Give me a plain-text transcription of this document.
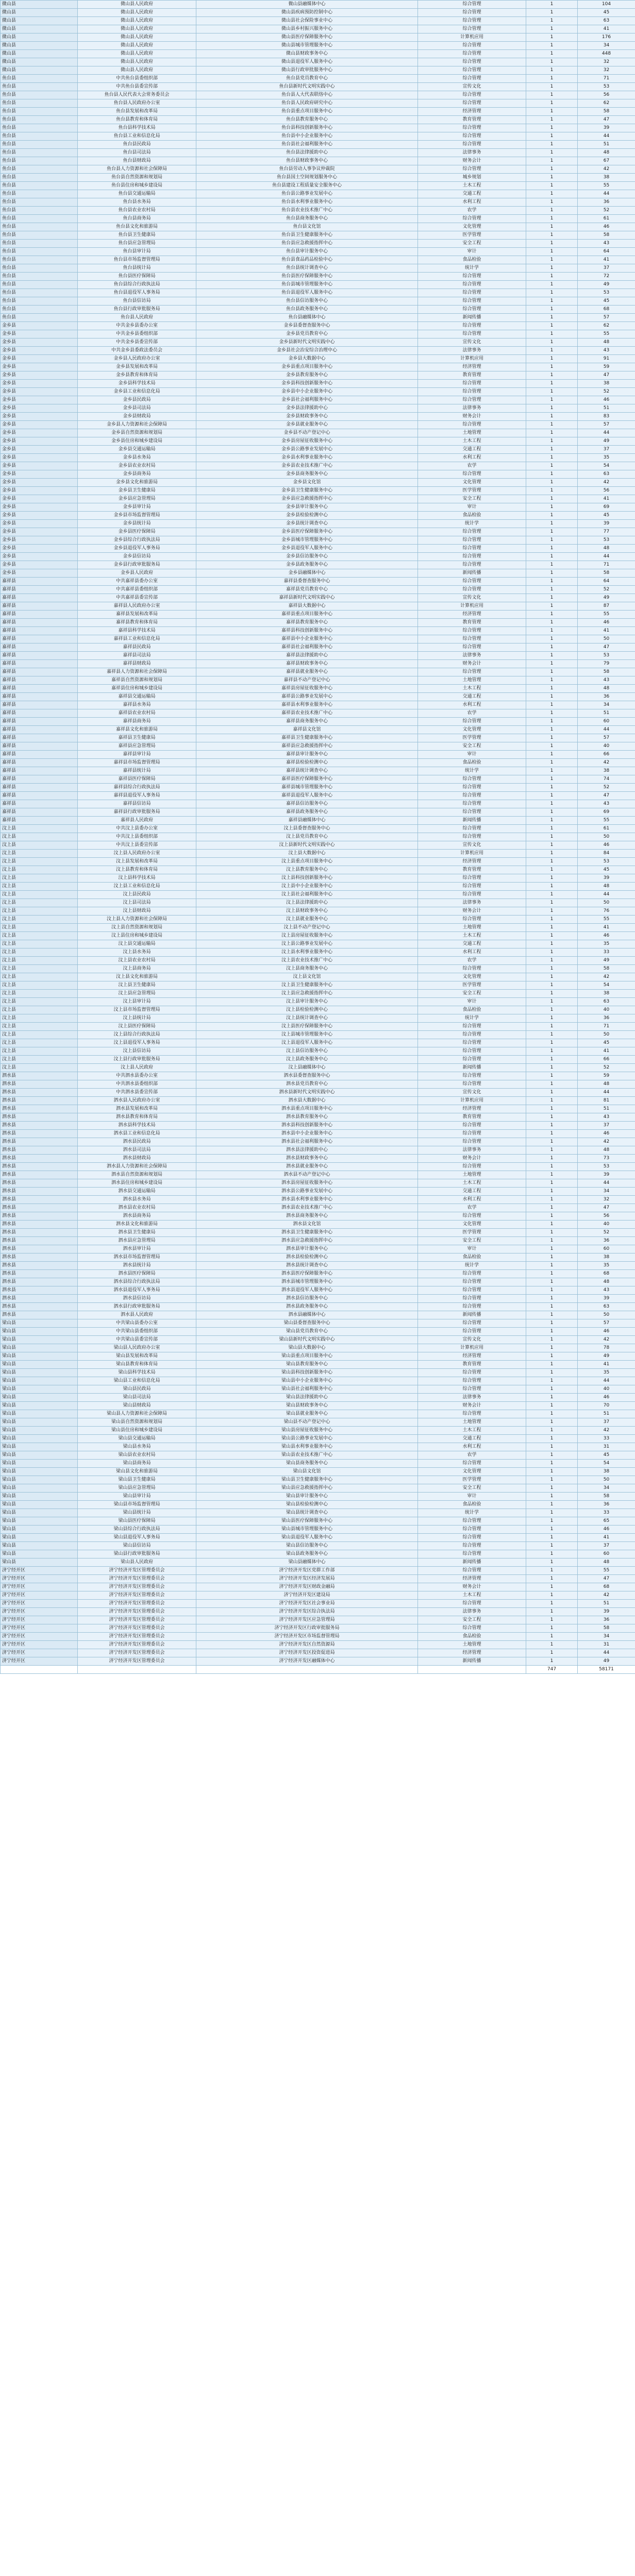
微山县	微山县人民政府	微山县融媒体中心	综合管理	1	104
微山县	微山县人民政府	微山县疾病预防控制中心	综合管理	1	45
微山县	微山县人民政府	微山县社会保险事业中心	综合管理	1	63
微山县	微山县人民政府	微山县乡村振兴服务中心	综合管理	1	41
微山县	微山县人民政府	微山县医疗保障服务中心	计算机应用	1	176
微山县	微山县人民政府	微山县城市管理服务中心	综合管理	1	34
微山县	微山县人民政府	微山县财政事务中心	综合管理	1	448
微山县	微山县人民政府	微山县退役军人服务中心	综合管理	1	32
微山县	微山县人民政府	微山县行政审批服务中心	综合管理	1	32
鱼台县	中共鱼台县委组织部	鱼台县党员教育中心	综合管理	1	71
鱼台县	中共鱼台县委宣传部	鱼台县新时代文明实践中心	宣传文化	1	53
鱼台县	鱼台县人民代表大会常务委员会	鱼台县人大代表联络中心	综合管理	1	56
鱼台县	鱼台县人民政府办公室	鱼台县人民政府研究中心	综合管理	1	62
鱼台县	鱼台县发展和改革局	鱼台县重点项目服务中心	经济管理	1	58
鱼台县	鱼台县教育和体育局	鱼台县教育服务中心	教育管理	1	47
鱼台县	鱼台县科学技术局	鱼台县科技创新服务中心	综合管理	1	39
鱼台县	鱼台县工业和信息化局	鱼台县中小企业服务中心	综合管理	1	44
鱼台县	鱼台县民政局	鱼台县社会福利服务中心	综合管理	1	51
鱼台县	鱼台县司法局	鱼台县法律援助中心	法律事务	1	48
鱼台县	鱼台县财政局	鱼台县财政事务中心	财务会计	1	67
鱼台县	鱼台县人力资源和社会保障局	鱼台县劳动人事争议仲裁院	综合管理	1	42
鱼台县	鱼台县自然资源和规划局	鱼台县国土空间规划服务中心	城乡规划	1	38
鱼台县	鱼台县住房和城乡建设局	鱼台县建设工程质量安全服务中心	土木工程	1	55
鱼台县	鱼台县交通运输局	鱼台县公路事业发展中心	交通工程	1	44
鱼台县	鱼台县水务局	鱼台县水利事业服务中心	水利工程	1	36
鱼台县	鱼台县农业农村局	鱼台县农业技术推广中心	农学	1	52
鱼台县	鱼台县商务局	鱼台县商务服务中心	综合管理	1	61
鱼台县	鱼台县文化和旅游局	鱼台县文化馆	文化管理	1	46
鱼台县	鱼台县卫生健康局	鱼台县卫生健康服务中心	医学管理	1	58
鱼台县	鱼台县应急管理局	鱼台县应急救援指挥中心	安全工程	1	43
鱼台县	鱼台县审计局	鱼台县审计服务中心	审计	1	64
鱼台县	鱼台县市场监督管理局	鱼台县食品药品检验中心	食品检验	1	41
鱼台县	鱼台县统计局	鱼台县统计调查中心	统计学	1	37
鱼台县	鱼台县医疗保障局	鱼台县医疗保障服务中心	综合管理	1	72
鱼台县	鱼台县综合行政执法局	鱼台县城市管理服务中心	综合管理	1	49
鱼台县	鱼台县退役军人事务局	鱼台县退役军人服务中心	综合管理	1	53
鱼台县	鱼台县信访局	鱼台县信访服务中心	综合管理	1	45
鱼台县	鱼台县行政审批服务局	鱼台县政务服务中心	综合管理	1	68
鱼台县	鱼台县人民政府	鱼台县融媒体中心	新闻传播	1	57
金乡县	中共金乡县委办公室	金乡县委督查服务中心	综合管理	1	62
金乡县	中共金乡县委组织部	金乡县党员教育中心	综合管理	1	55
金乡县	中共金乡县委宣传部	金乡县新时代文明实践中心	宣传文化	1	48
金乡县	中共金乡县委政法委员会	金乡县社会治安综合治理中心	法律事务	1	43
金乡县	金乡县人民政府办公室	金乡县大数据中心	计算机应用	1	91
金乡县	金乡县发展和改革局	金乡县重点项目服务中心	经济管理	1	59
金乡县	金乡县教育和体育局	金乡县教育服务中心	教育管理	1	47
金乡县	金乡县科学技术局	金乡县科技创新服务中心	综合管理	1	38
金乡县	金乡县工业和信息化局	金乡县中小企业服务中心	综合管理	1	52
金乡县	金乡县民政局	金乡县社会福利服务中心	综合管理	1	46
金乡县	金乡县司法局	金乡县法律援助中心	法律事务	1	51
金乡县	金乡县财政局	金乡县财政事务中心	财务会计	1	83
金乡县	金乡县人力资源和社会保障局	金乡县就业服务中心	综合管理	1	57
金乡县	金乡县自然资源和规划局	金乡县不动产登记中心	土地管理	1	44
金乡县	金乡县住房和城乡建设局	金乡县房屋征收服务中心	土木工程	1	49
金乡县	金乡县交通运输局	金乡县公路事业发展中心	交通工程	1	37
金乡县	金乡县水务局	金乡县水利事业服务中心	水利工程	1	35
金乡县	金乡县农业农村局	金乡县农业技术推广中心	农学	1	54
金乡县	金乡县商务局	金乡县商务服务中心	综合管理	1	63
金乡县	金乡县文化和旅游局	金乡县文化馆	文化管理	1	42
金乡县	金乡县卫生健康局	金乡县卫生健康服务中心	医学管理	1	56
金乡县	金乡县应急管理局	金乡县应急救援指挥中心	安全工程	1	41
金乡县	金乡县审计局	金乡县审计服务中心	审计	1	69
金乡县	金乡县市场监督管理局	金乡县检验检测中心	食品检验	1	45
金乡县	金乡县统计局	金乡县统计调查中心	统计学	1	39
金乡县	金乡县医疗保障局	金乡县医疗保障服务中心	综合管理	1	77
金乡县	金乡县综合行政执法局	金乡县城市管理服务中心	综合管理	1	53
金乡县	金乡县退役军人事务局	金乡县退役军人服务中心	综合管理	1	48
金乡县	金乡县信访局	金乡县信访服务中心	综合管理	1	44
金乡县	金乡县行政审批服务局	金乡县政务服务中心	综合管理	1	71
金乡县	金乡县人民政府	金乡县融媒体中心	新闻传播	1	58
嘉祥县	中共嘉祥县委办公室	嘉祥县委督查服务中心	综合管理	1	64
嘉祥县	中共嘉祥县委组织部	嘉祥县党员教育中心	综合管理	1	52
嘉祥县	中共嘉祥县委宣传部	嘉祥县新时代文明实践中心	宣传文化	1	49
嘉祥县	嘉祥县人民政府办公室	嘉祥县大数据中心	计算机应用	1	87
嘉祥县	嘉祥县发展和改革局	嘉祥县重点项目服务中心	经济管理	1	55
嘉祥县	嘉祥县教育和体育局	嘉祥县教育服务中心	教育管理	1	46
嘉祥县	嘉祥县科学技术局	嘉祥县科技创新服务中心	综合管理	1	41
嘉祥县	嘉祥县工业和信息化局	嘉祥县中小企业服务中心	综合管理	1	50
嘉祥县	嘉祥县民政局	嘉祥县社会福利服务中心	综合管理	1	47
嘉祥县	嘉祥县司法局	嘉祥县法律援助中心	法律事务	1	53
嘉祥县	嘉祥县财政局	嘉祥县财政事务中心	财务会计	1	79
嘉祥县	嘉祥县人力资源和社会保障局	嘉祥县就业服务中心	综合管理	1	58
嘉祥县	嘉祥县自然资源和规划局	嘉祥县不动产登记中心	土地管理	1	43
嘉祥县	嘉祥县住房和城乡建设局	嘉祥县房屋征收服务中心	土木工程	1	48
嘉祥县	嘉祥县交通运输局	嘉祥县公路事业发展中心	交通工程	1	36
嘉祥县	嘉祥县水务局	嘉祥县水利事业服务中心	水利工程	1	34
嘉祥县	嘉祥县农业农村局	嘉祥县农业技术推广中心	农学	1	51
嘉祥县	嘉祥县商务局	嘉祥县商务服务中心	综合管理	1	60
嘉祥县	嘉祥县文化和旅游局	嘉祥县文化馆	文化管理	1	44
嘉祥县	嘉祥县卫生健康局	嘉祥县卫生健康服务中心	医学管理	1	57
嘉祥县	嘉祥县应急管理局	嘉祥县应急救援指挥中心	安全工程	1	40
嘉祥县	嘉祥县审计局	嘉祥县审计服务中心	审计	1	66
嘉祥县	嘉祥县市场监督管理局	嘉祥县检验检测中心	食品检验	1	42
嘉祥县	嘉祥县统计局	嘉祥县统计调查中心	统计学	1	38
嘉祥县	嘉祥县医疗保障局	嘉祥县医疗保障服务中心	综合管理	1	74
嘉祥县	嘉祥县综合行政执法局	嘉祥县城市管理服务中心	综合管理	1	52
嘉祥县	嘉祥县退役军人事务局	嘉祥县退役军人服务中心	综合管理	1	47
嘉祥县	嘉祥县信访局	嘉祥县信访服务中心	综合管理	1	43
嘉祥县	嘉祥县行政审批服务局	嘉祥县政务服务中心	综合管理	1	69
嘉祥县	嘉祥县人民政府	嘉祥县融媒体中心	新闻传播	1	55
汶上县	中共汶上县委办公室	汶上县委督查服务中心	综合管理	1	61
汶上县	中共汶上县委组织部	汶上县党员教育中心	综合管理	1	50
汶上县	中共汶上县委宣传部	汶上县新时代文明实践中心	宣传文化	1	46
汶上县	汶上县人民政府办公室	汶上县大数据中心	计算机应用	1	84
汶上县	汶上县发展和改革局	汶上县重点项目服务中心	经济管理	1	53
汶上县	汶上县教育和体育局	汶上县教育服务中心	教育管理	1	45
汶上县	汶上县科学技术局	汶上县科技创新服务中心	综合管理	1	39
汶上县	汶上县工业和信息化局	汶上县中小企业服务中心	综合管理	1	48
汶上县	汶上县民政局	汶上县社会福利服务中心	综合管理	1	44
汶上县	汶上县司法局	汶上县法律援助中心	法律事务	1	50
汶上县	汶上县财政局	汶上县财政事务中心	财务会计	1	76
汶上县	汶上县人力资源和社会保障局	汶上县就业服务中心	综合管理	1	55
汶上县	汶上县自然资源和规划局	汶上县不动产登记中心	土地管理	1	41
汶上县	汶上县住房和城乡建设局	汶上县房屋征收服务中心	土木工程	1	46
汶上县	汶上县交通运输局	汶上县公路事业发展中心	交通工程	1	35
汶上县	汶上县水务局	汶上县水利事业服务中心	水利工程	1	33
汶上县	汶上县农业农村局	汶上县农业技术推广中心	农学	1	49
汶上县	汶上县商务局	汶上县商务服务中心	综合管理	1	58
汶上县	汶上县文化和旅游局	汶上县文化馆	文化管理	1	42
汶上县	汶上县卫生健康局	汶上县卫生健康服务中心	医学管理	1	54
汶上县	汶上县应急管理局	汶上县应急救援指挥中心	安全工程	1	38
汶上县	汶上县审计局	汶上县审计服务中心	审计	1	63
汶上县	汶上县市场监督管理局	汶上县检验检测中心	食品检验	1	40
汶上县	汶上县统计局	汶上县统计调查中心	统计学	1	36
汶上县	汶上县医疗保障局	汶上县医疗保障服务中心	综合管理	1	71
汶上县	汶上县综合行政执法局	汶上县城市管理服务中心	综合管理	1	50
汶上县	汶上县退役军人事务局	汶上县退役军人服务中心	综合管理	1	45
汶上县	汶上县信访局	汶上县信访服务中心	综合管理	1	41
汶上县	汶上县行政审批服务局	汶上县政务服务中心	综合管理	1	66
汶上县	汶上县人民政府	汶上县融媒体中心	新闻传播	1	52
泗水县	中共泗水县委办公室	泗水县委督查服务中心	综合管理	1	59
泗水县	中共泗水县委组织部	泗水县党员教育中心	综合管理	1	48
泗水县	中共泗水县委宣传部	泗水县新时代文明实践中心	宣传文化	1	44
泗水县	泗水县人民政府办公室	泗水县大数据中心	计算机应用	1	81
泗水县	泗水县发展和改革局	泗水县重点项目服务中心	经济管理	1	51
泗水县	泗水县教育和体育局	泗水县教育服务中心	教育管理	1	43
泗水县	泗水县科学技术局	泗水县科技创新服务中心	综合管理	1	37
泗水县	泗水县工业和信息化局	泗水县中小企业服务中心	综合管理	1	46
泗水县	泗水县民政局	泗水县社会福利服务中心	综合管理	1	42
泗水县	泗水县司法局	泗水县法律援助中心	法律事务	1	48
泗水县	泗水县财政局	泗水县财政事务中心	财务会计	1	73
泗水县	泗水县人力资源和社会保障局	泗水县就业服务中心	综合管理	1	53
泗水县	泗水县自然资源和规划局	泗水县不动产登记中心	土地管理	1	39
泗水县	泗水县住房和城乡建设局	泗水县房屋征收服务中心	土木工程	1	44
泗水县	泗水县交通运输局	泗水县公路事业发展中心	交通工程	1	34
泗水县	泗水县水务局	泗水县水利事业服务中心	水利工程	1	32
泗水县	泗水县农业农村局	泗水县农业技术推广中心	农学	1	47
泗水县	泗水县商务局	泗水县商务服务中心	综合管理	1	56
泗水县	泗水县文化和旅游局	泗水县文化馆	文化管理	1	40
泗水县	泗水县卫生健康局	泗水县卫生健康服务中心	医学管理	1	52
泗水县	泗水县应急管理局	泗水县应急救援指挥中心	安全工程	1	36
泗水县	泗水县审计局	泗水县审计服务中心	审计	1	60
泗水县	泗水县市场监督管理局	泗水县检验检测中心	食品检验	1	38
泗水县	泗水县统计局	泗水县统计调查中心	统计学	1	35
泗水县	泗水县医疗保障局	泗水县医疗保障服务中心	综合管理	1	68
泗水县	泗水县综合行政执法局	泗水县城市管理服务中心	综合管理	1	48
泗水县	泗水县退役军人事务局	泗水县退役军人服务中心	综合管理	1	43
泗水县	泗水县信访局	泗水县信访服务中心	综合管理	1	39
泗水县	泗水县行政审批服务局	泗水县政务服务中心	综合管理	1	63
泗水县	泗水县人民政府	泗水县融媒体中心	新闻传播	1	50
梁山县	中共梁山县委办公室	梁山县委督查服务中心	综合管理	1	57
梁山县	中共梁山县委组织部	梁山县党员教育中心	综合管理	1	46
梁山县	中共梁山县委宣传部	梁山县新时代文明实践中心	宣传文化	1	42
梁山县	梁山县人民政府办公室	梁山县大数据中心	计算机应用	1	78
梁山县	梁山县发展和改革局	梁山县重点项目服务中心	经济管理	1	49
梁山县	梁山县教育和体育局	梁山县教育服务中心	教育管理	1	41
梁山县	梁山县科学技术局	梁山县科技创新服务中心	综合管理	1	35
梁山县	梁山县工业和信息化局	梁山县中小企业服务中心	综合管理	1	44
梁山县	梁山县民政局	梁山县社会福利服务中心	综合管理	1	40
梁山县	梁山县司法局	梁山县法律援助中心	法律事务	1	46
梁山县	梁山县财政局	梁山县财政事务中心	财务会计	1	70
梁山县	梁山县人力资源和社会保障局	梁山县就业服务中心	综合管理	1	51
梁山县	梁山县自然资源和规划局	梁山县不动产登记中心	土地管理	1	37
梁山县	梁山县住房和城乡建设局	梁山县房屋征收服务中心	土木工程	1	42
梁山县	梁山县交通运输局	梁山县公路事业发展中心	交通工程	1	33
梁山县	梁山县水务局	梁山县水利事业服务中心	水利工程	1	31
梁山县	梁山县农业农村局	梁山县农业技术推广中心	农学	1	45
梁山县	梁山县商务局	梁山县商务服务中心	综合管理	1	54
梁山县	梁山县文化和旅游局	梁山县文化馆	文化管理	1	38
梁山县	梁山县卫生健康局	梁山县卫生健康服务中心	医学管理	1	50
梁山县	梁山县应急管理局	梁山县应急救援指挥中心	安全工程	1	34
梁山县	梁山县审计局	梁山县审计服务中心	审计	1	58
梁山县	梁山县市场监督管理局	梁山县检验检测中心	食品检验	1	36
梁山县	梁山县统计局	梁山县统计调查中心	统计学	1	33
梁山县	梁山县医疗保障局	梁山县医疗保障服务中心	综合管理	1	65
梁山县	梁山县综合行政执法局	梁山县城市管理服务中心	综合管理	1	46
梁山县	梁山县退役军人事务局	梁山县退役军人服务中心	综合管理	1	41
梁山县	梁山县信访局	梁山县信访服务中心	综合管理	1	37
梁山县	梁山县行政审批服务局	梁山县政务服务中心	综合管理	1	60
梁山县	梁山县人民政府	梁山县融媒体中心	新闻传播	1	48
济宁经开区	济宁经济开发区管理委员会	济宁经济开发区党群工作部	综合管理	1	55
济宁经开区	济宁经济开发区管理委员会	济宁经济开发区经济发展局	经济管理	1	47
济宁经开区	济宁经济开发区管理委员会	济宁经济开发区财政金融局	财务会计	1	68
济宁经开区	济宁经济开发区管理委员会	济宁经济开发区建设局	土木工程	1	42
济宁经开区	济宁经济开发区管理委员会	济宁经济开发区社会事业局	综合管理	1	51
济宁经开区	济宁经济开发区管理委员会	济宁经济开发区综合执法局	法律事务	1	39
济宁经开区	济宁经济开发区管理委员会	济宁经济开发区应急管理局	安全工程	1	36
济宁经开区	济宁经济开发区管理委员会	济宁经济开发区行政审批服务局	综合管理	1	58
济宁经开区	济宁经济开发区管理委员会	济宁经济开发区市场监督管理局	食品检验	1	34
济宁经开区	济宁经济开发区管理委员会	济宁经济开发区自然资源局	土地管理	1	31
济宁经开区	济宁经济开发区管理委员会	济宁经济开发区投资促进局	经济管理	1	44
济宁经开区	济宁经济开发区管理委员会	济宁经济开发区融媒体中心	新闻传播	1	49
				747	58171
